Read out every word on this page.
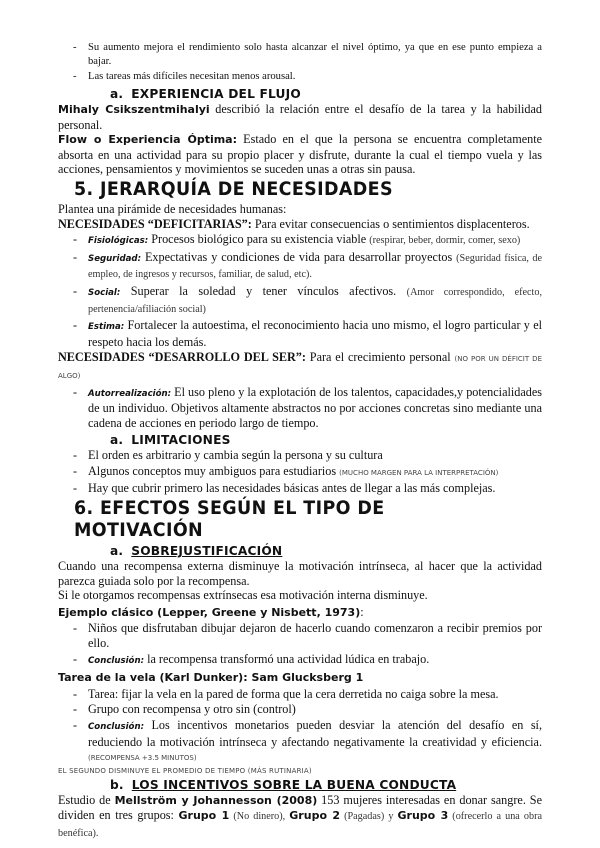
- Su aumento mejora el rendimiento solo hasta alcanzar el nivel óptimo, ya que en ese punto empieza a bajar.
- Las tareas más difíciles necesitan menos arousal.
a. EXPERIENCIA DEL FLUJO

Mihaly Csikszentmihalyi describió la relación entre el desafío de la tarea y la habilidad personal.

Flow o Experiencia Óptima: Estado en el que la persona se encuentra completamente absorta en una actividad para su propio placer y disfrute, durante la cual el tiempo vuela y las acciones, pensamientos y movimientos se suceden unas a otras sin pausa.

5. JERARQUÍA DE NECESIDADES

Plantea una pirámide de necesidades humanas:

NECESIDADES “DEFICITARIAS”: Para evitar consecuencias o sentimientos displacenteros.

- Fisiológicas: Procesos biológico para su existencia viable (respirar, beber, dormir, comer, sexo)
- Seguridad: Expectativas y condiciones de vida para desarrollar proyectos (Seguridad física, de empleo, de ingresos y recursos, familiar, de salud, etc).
- Social: Superar la soledad y tener vínculos afectivos. (Amor correspondido, efecto, pertenencia/afiliación social)
- Estima: Fortalecer la autoestima, el reconocimiento hacia uno mismo, el logro particular y el respeto hacia los demás.

NECESIDADES “DESARROLLO DEL SER”: Para el crecimiento personal (NO POR UN DÉFICIT DE ALGO)

- Autorrealización: El uso pleno y la explotación de los talentos, capacidades,y potencialidades de un individuo. Objetivos altamente abstractos no por acciones concretas sino mediante una cadena de acciones en periodo largo de tiempo.
a. LIMITACIONES
- El orden es arbitrario y cambia según la persona y su cultura
- Algunos conceptos muy ambiguos para estudiarios (MUCHO MARGEN PARA LA INTERPRETACIÓN)
- Hay que cubrir primero las necesidades básicas antes de llegar a las más complejas.
6. EFECTOS SEGÚN EL TIPO DE MOTIVACIÓN
a. SOBREJUSTIFICACIÓN

Cuando una recompensa externa disminuye la motivación intrínseca, al hacer que la actividad parezca guiada solo por la recompensa.

Si le otorgamos recompensas extrínsecas esa motivación interna disminuye.

Ejemplo clásico (Lepper, Greene y Nisbett, 1973):

- Niños que disfrutaban dibujar dejaron de hacerlo cuando comenzaron a recibir premios por ello.
- Conclusión: la recompensa transformó una actividad lúdica en trabajo.

Tarea de la vela (Karl Dunker): Sam Glucksberg 1

- Tarea: fijar la vela en la pared de forma que la cera derretida no caiga sobre la mesa.
- Grupo con recompensa y otro sin (control)
- Conclusión: Los incentivos monetarios pueden desviar la atención del desafío en sí, reduciendo la motivación intrínseca y afectando negativamente la creatividad y eficiencia. (RECOMPENSA +3.5 MINUTOS)

EL SEGUNDO DISMINUYE EL PROMEDIO DE TIEMPO (MÁS RUTINARIA)

b. LOS INCENTIVOS SOBRE LA BUENA CONDUCTA

Estudio de Mellström y Johannesson (2008) 153 mujeres interesadas en donar sangre. Se dividen en tres grupos: Grupo 1 (No dinero), Grupo 2 (Pagadas) y Grupo 3 (ofrecerlo a una obra benéfica).
